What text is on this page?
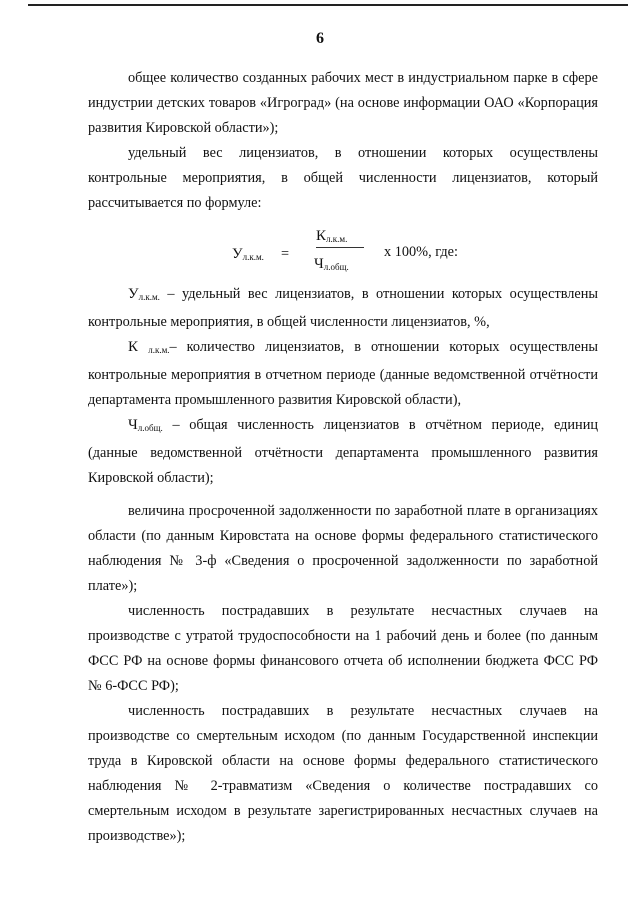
6

общее количество созданных рабочих мест в индустриальном парке в сфере индустрии детских товаров «Игроград» (на основе информации ОАО «Корпорация развития Кировской области»);

удельный вес лицензиатов, в отношении которых осуществлены контрольные мероприятия, в общей численности лицензиатов, который рассчитывается по формуле:

$У_{л.к.м.}$ =
$К_{л.к.м.}$
$Ч_{л.общ.}$
х 100%, где:

$У_{л.к.м.}$ – удельный вес лицензиатов, в отношении которых осуществлены контрольные мероприятия, в общей численности лицензиатов, %,

К $_{л.к.м.}$– количество лицензиатов, в отношении которых осуществлены контрольные мероприятия в отчетном периоде (данные ведомственной отчётности департамента промышленного развития Кировской области),

$Ч_{л.общ.}$ – общая численность лицензиатов в отчётном периоде, единиц (данные ведомственной отчётности департамента промышленного развития Кировской области);

величина просроченной задолженности по заработной плате в организациях области (по данным Кировстата на основе формы федерального статистического наблюдения № 3-ф «Сведения о просроченной задолженности по заработной плате»);

численность пострадавших в результате несчастных случаев на производстве с утратой трудоспособности на 1 рабочий день и более (по данным ФСС РФ на основе формы финансового отчета об исполнении бюджета ФСС РФ № 6-ФСС РФ);

численность пострадавших в результате несчастных случаев на производстве со смертельным исходом (по данным Государственной инспекции труда в Кировской области на основе формы федерального статистического наблюдения № 2-травматизм «Сведения о количестве пострадавших со смертельным исходом в результате зарегистрированных несчастных случаев на производстве»);
